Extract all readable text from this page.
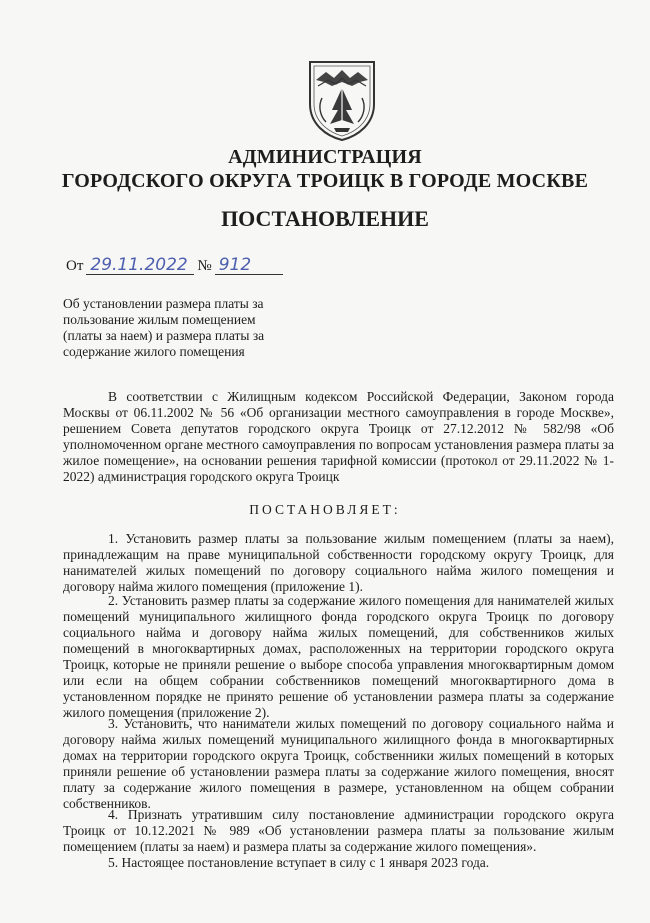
АДМИНИСТРАЦИЯ
ГОРОДСКОГО ОКРУГА ТРОИЦК В ГОРОДЕ МОСКВЕ
ПОСТАНОВЛЕНИЕ
От 29.11.2022 № 912
Об установлении размера платы за пользование жилым помещением (платы за наем) и размера платы за содержание жилого помещения

В соответствии с Жилищным кодексом Российской Федерации, Законом города Москвы от 06.11.2002 № 56 «Об организации местного самоуправления в городе Москве», решением Совета депутатов городского округа Троицк от 27.12.2012 № 582/98 «Об уполномоченном органе местного самоуправления по вопросам установления размера платы за жилое помещение», на основании решения тарифной комиссии (протокол от 29.11.2022 № 1-2022) администрация городского округа Троицк

ПОСТАНОВЛЯЕТ:

1. Установить размер платы за пользование жилым помещением (платы за наем), принадлежащим на праве муниципальной собственности городскому округу Троицк, для нанимателей жилых помещений по договору социального найма жилого помещения и договору найма жилого помещения (приложение 1).

2. Установить размер платы за содержание жилого помещения для нанимателей жилых помещений муниципального жилищного фонда городского округа Троицк по договору социального найма и договору найма жилых помещений, для собственников жилых помещений в многоквартирных домах, расположенных на территории городского округа Троицк, которые не приняли решение о выборе способа управления многоквартирным домом или если на общем собрании собственников помещений многоквартирного дома в установленном порядке не принято решение об установлении размера платы за содержание жилого помещения (приложение 2).

3. Установить, что наниматели жилых помещений по договору социального найма и договору найма жилых помещений муниципального жилищного фонда в многоквартирных домах на территории городского округа Троицк, собственники жилых помещений в которых приняли решение об установлении размера платы за содержание жилого помещения, вносят плату за содержание жилого помещения в размере, установленном на общем собрании собственников.

4. Признать утратившим силу постановление администрации городского округа Троицк от 10.12.2021 № 989 «Об установлении размера платы за пользование жилым помещением (платы за наем) и размера платы за содержание жилого помещения».

5. Настоящее постановление вступает в силу с 1 января 2023 года.
